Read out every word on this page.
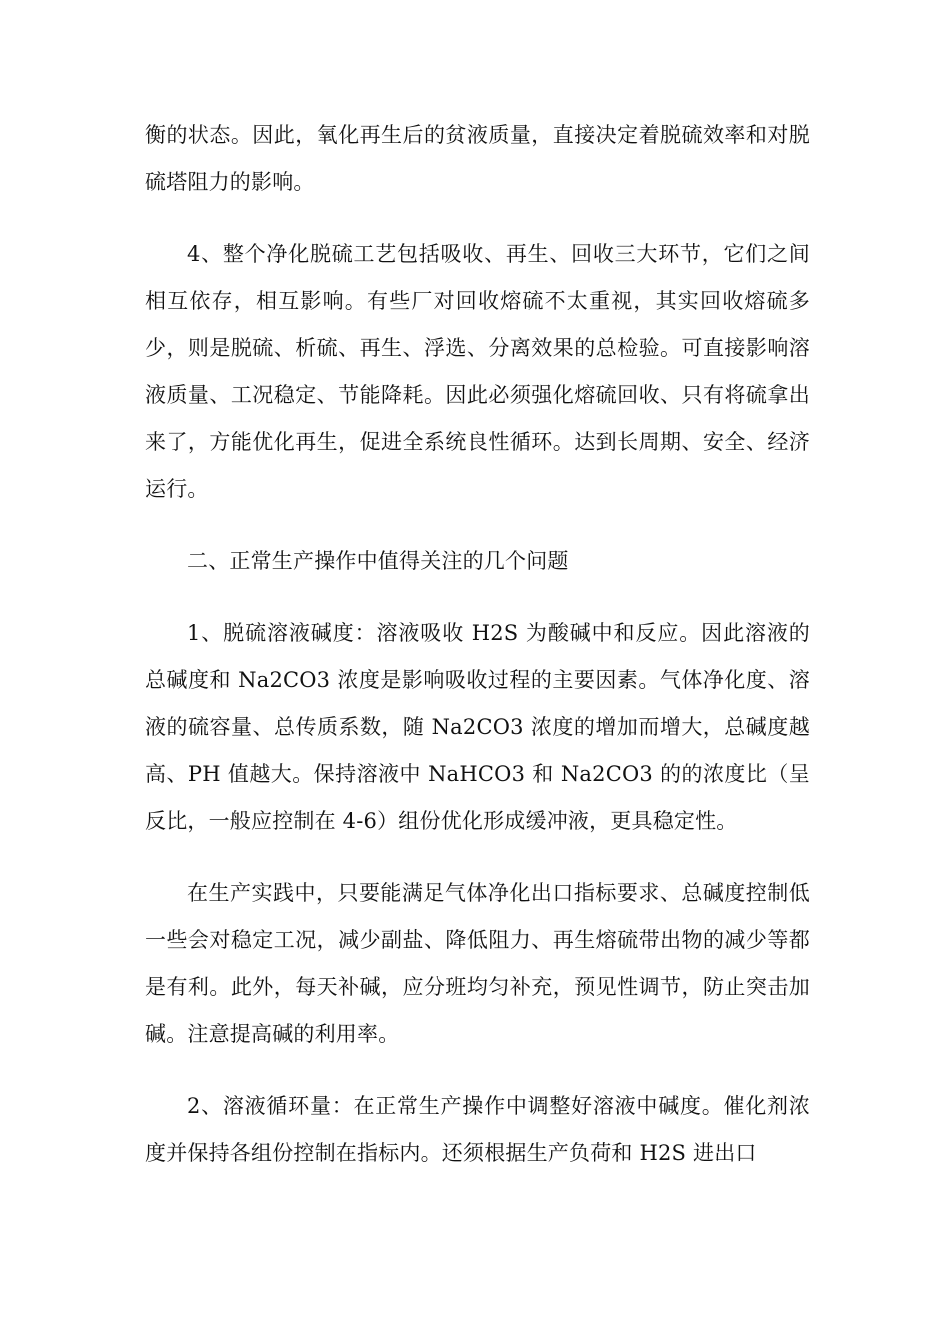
衡的状态。因此，氧化再生后的贫液质量，直接决定着脱硫效率和对脱硫塔阻力的影响。

4、整个净化脱硫工艺包括吸收、再生、回收三大环节，它们之间相互依存，相互影响。有些厂对回收熔硫不太重视，其实回收熔硫多少，则是脱硫、析硫、再生、浮选、分离效果的总检验。可直接影响溶液质量、工况稳定、节能降耗。因此必须强化熔硫回收、只有将硫拿出来了，方能优化再生，促进全系统良性循环。达到长周期、安全、经济运行。

二、正常生产操作中值得关注的几个问题

1、脱硫溶液碱度：溶液吸收 H2S 为酸碱中和反应。因此溶液的总碱度和 Na2CO3 浓度是影响吸收过程的主要因素。气体净化度、溶液的硫容量、总传质系数，随 Na2CO3 浓度的增加而增大，总碱度越高、PH 值越大。保持溶液中 NaHCO3 和 Na2CO3 的的浓度比（呈反比，一般应控制在 4-6）组份优化形成缓冲液，更具稳定性。

在生产实践中，只要能满足气体净化出口指标要求、总碱度控制低一些会对稳定工况，减少副盐、降低阻力、再生熔硫带出物的减少等都是有利。此外，每天补碱，应分班均匀补充，预见性调节，防止突击加碱。注意提高碱的利用率。

2、溶液循环量：在正常生产操作中调整好溶液中碱度。催化剂浓度并保持各组份控制在指标内。还须根据生产负荷和 H2S 进出口
